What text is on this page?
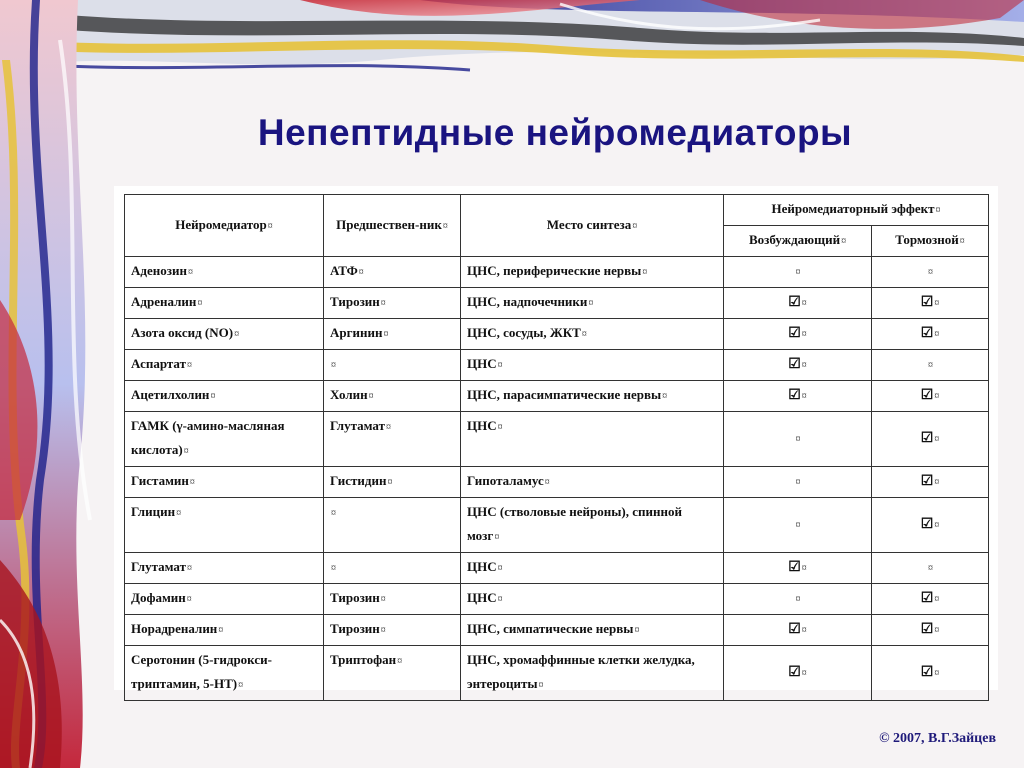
Непептидные нейромедиаторы
Нейромедиатор¤	Предшествен-ник¤	Место синтеза¤	Нейромедиаторный эффект¤	
			Возбуждающий¤	Тормозной¤
Аденозин¤	АТФ¤	ЦНС, периферические нервы¤	¤	¤
Адреналин¤	Тирозин¤	ЦНС, надпочечники¤	☑¤	☑¤
Азота оксид (NO)¤	Аргинин¤	ЦНС, сосуды, ЖКТ¤	☑¤	☑¤
Аспартат¤	¤	ЦНС¤	☑¤	¤
Ацетилхолин¤	Холин¤	ЦНС, парасимпатические нервы¤	☑¤	☑¤
ГАМК (γ-амино-масляная кислота)¤	Глутамат¤	ЦНС¤	¤	☑¤
Гистамин¤	Гистидин¤	Гипоталамус¤	¤	☑¤
Глицин¤	¤	ЦНС (стволовые нейроны), спинной мозг¤	¤	☑¤
Глутамат¤	¤	ЦНС¤	☑¤	¤
Дофамин¤	Тирозин¤	ЦНС¤	¤	☑¤
Норадреналин¤	Тирозин¤	ЦНС, симпатические нервы¤	☑¤	☑¤
Серотонин (5-гидрокси-триптамин, 5-HT)¤	Триптофан¤	ЦНС, хромаффинные клетки желудка, энтероциты¤	☑¤	☑¤
© 2007, В.Г.Зайцев
